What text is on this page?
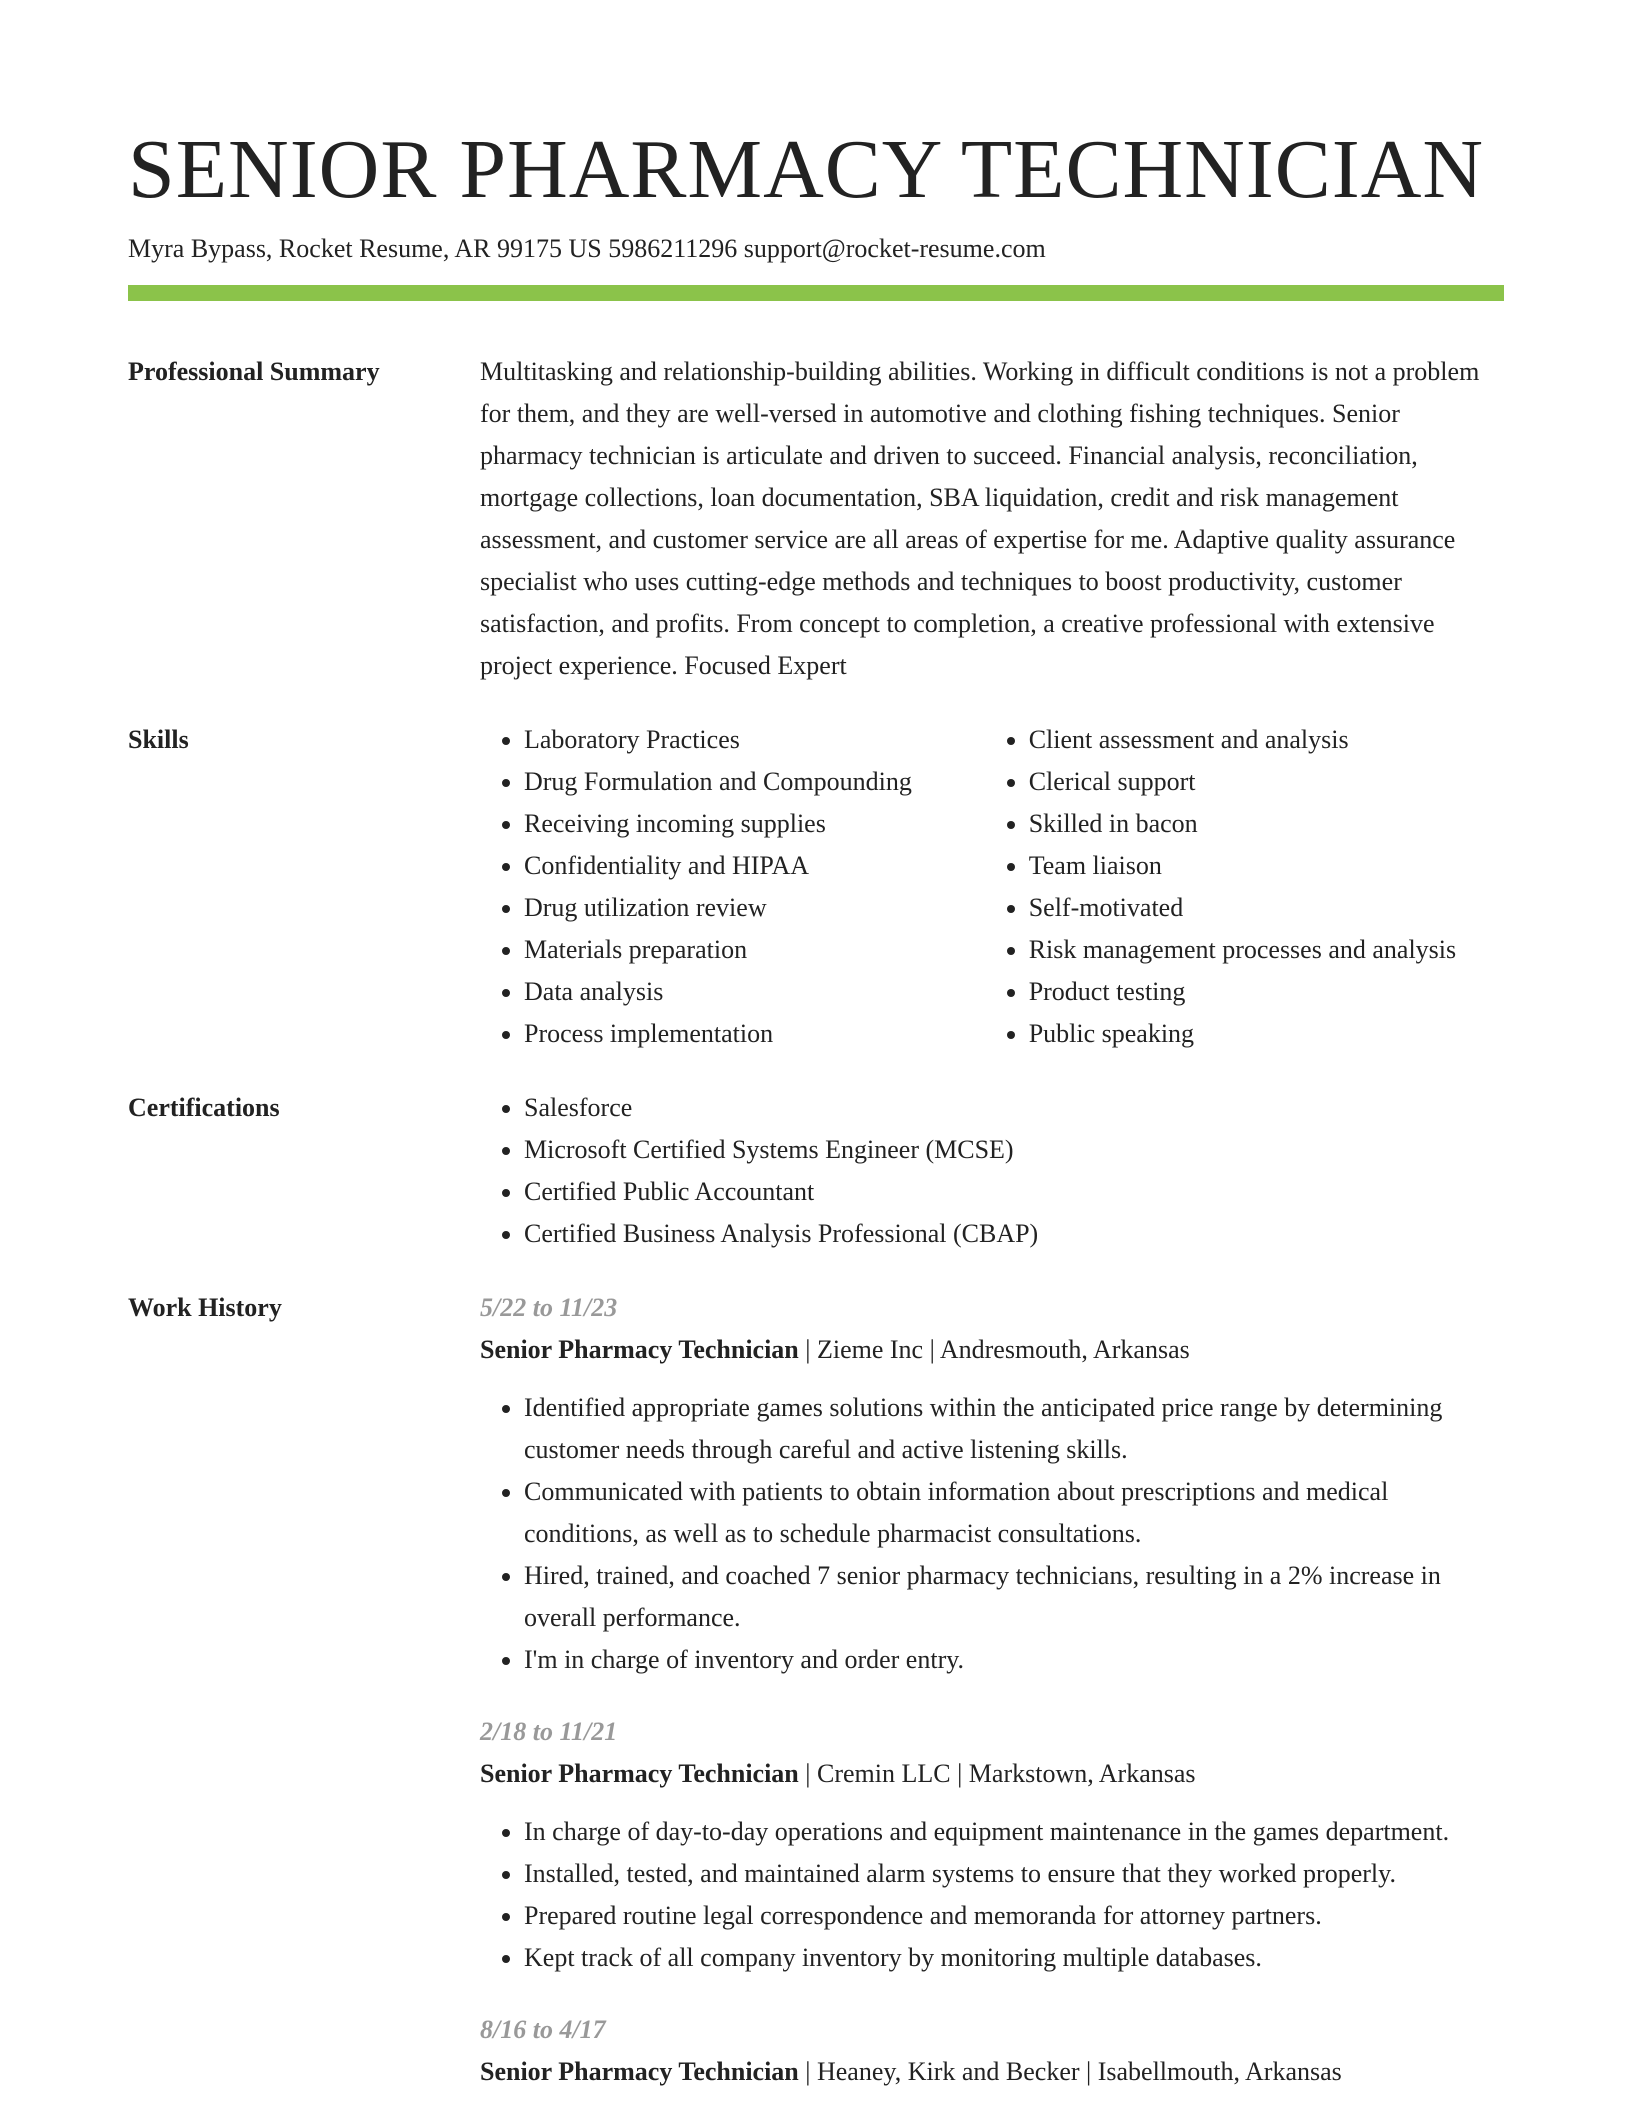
SENIOR PHARMACY TECHNICIAN
Myra Bypass, Rocket Resume, AR 99175 US 5986211296 support@rocket-resume.com
Professional Summary	Multitasking and relationship-building abilities. Working in difficult conditions is not a problem for them, and they are well-versed in automotive and clothing fishing techniques. Senior pharmacy technician is articulate and driven to succeed. Financial analysis, reconciliation, mortgage collections, loan documentation, SBA liquidation, credit and risk management assessment, and customer service are all areas of expertise for me. Adaptive quality assurance specialist who uses cutting-edge methods and techniques to boost productivity, customer satisfaction, and profits. From concept to completion, a creative professional with extensive project experience. Focused Expert

Skills	• Laboratory Practices
• Drug Formulation and Compounding
• Receiving incoming supplies
• Confidentiality and HIPAA
• Drug utilization review
• Materials preparation
• Data analysis
• Process implementation
• Client assessment and analysis
• Clerical support
• Skilled in bacon
• Team liaison
• Self-motivated
• Risk management processes and analysis
• Product testing
• Public speaking
Certifications	• Salesforce
• Microsoft Certified Systems Engineer (MCSE)
• Certified Public Accountant
• Certified Business Analysis Professional (CBAP)
Work History	5/22 to 11/23
Senior Pharmacy Technician | Zieme Inc | Andresmouth, Arkansas
• Identified appropriate games solutions within the anticipated price range by determining customer needs through careful and active listening skills.
• Communicated with patients to obtain information about prescriptions and medical conditions, as well as to schedule pharmacist consultations.
• Hired, trained, and coached 7 senior pharmacy technicians, resulting in a 2% increase in overall performance.
• I'm in charge of inventory and order entry.
2/18 to 11/21
Senior Pharmacy Technician | Cremin LLC | Markstown, Arkansas
• In charge of day-to-day operations and equipment maintenance in the games department.
• Installed, tested, and maintained alarm systems to ensure that they worked properly.
• Prepared routine legal correspondence and memoranda for attorney partners.
• Kept track of all company inventory by monitoring multiple databases.
8/16 to 4/17
Senior Pharmacy Technician | Heaney, Kirk and Becker | Isabellmouth, Arkansas
